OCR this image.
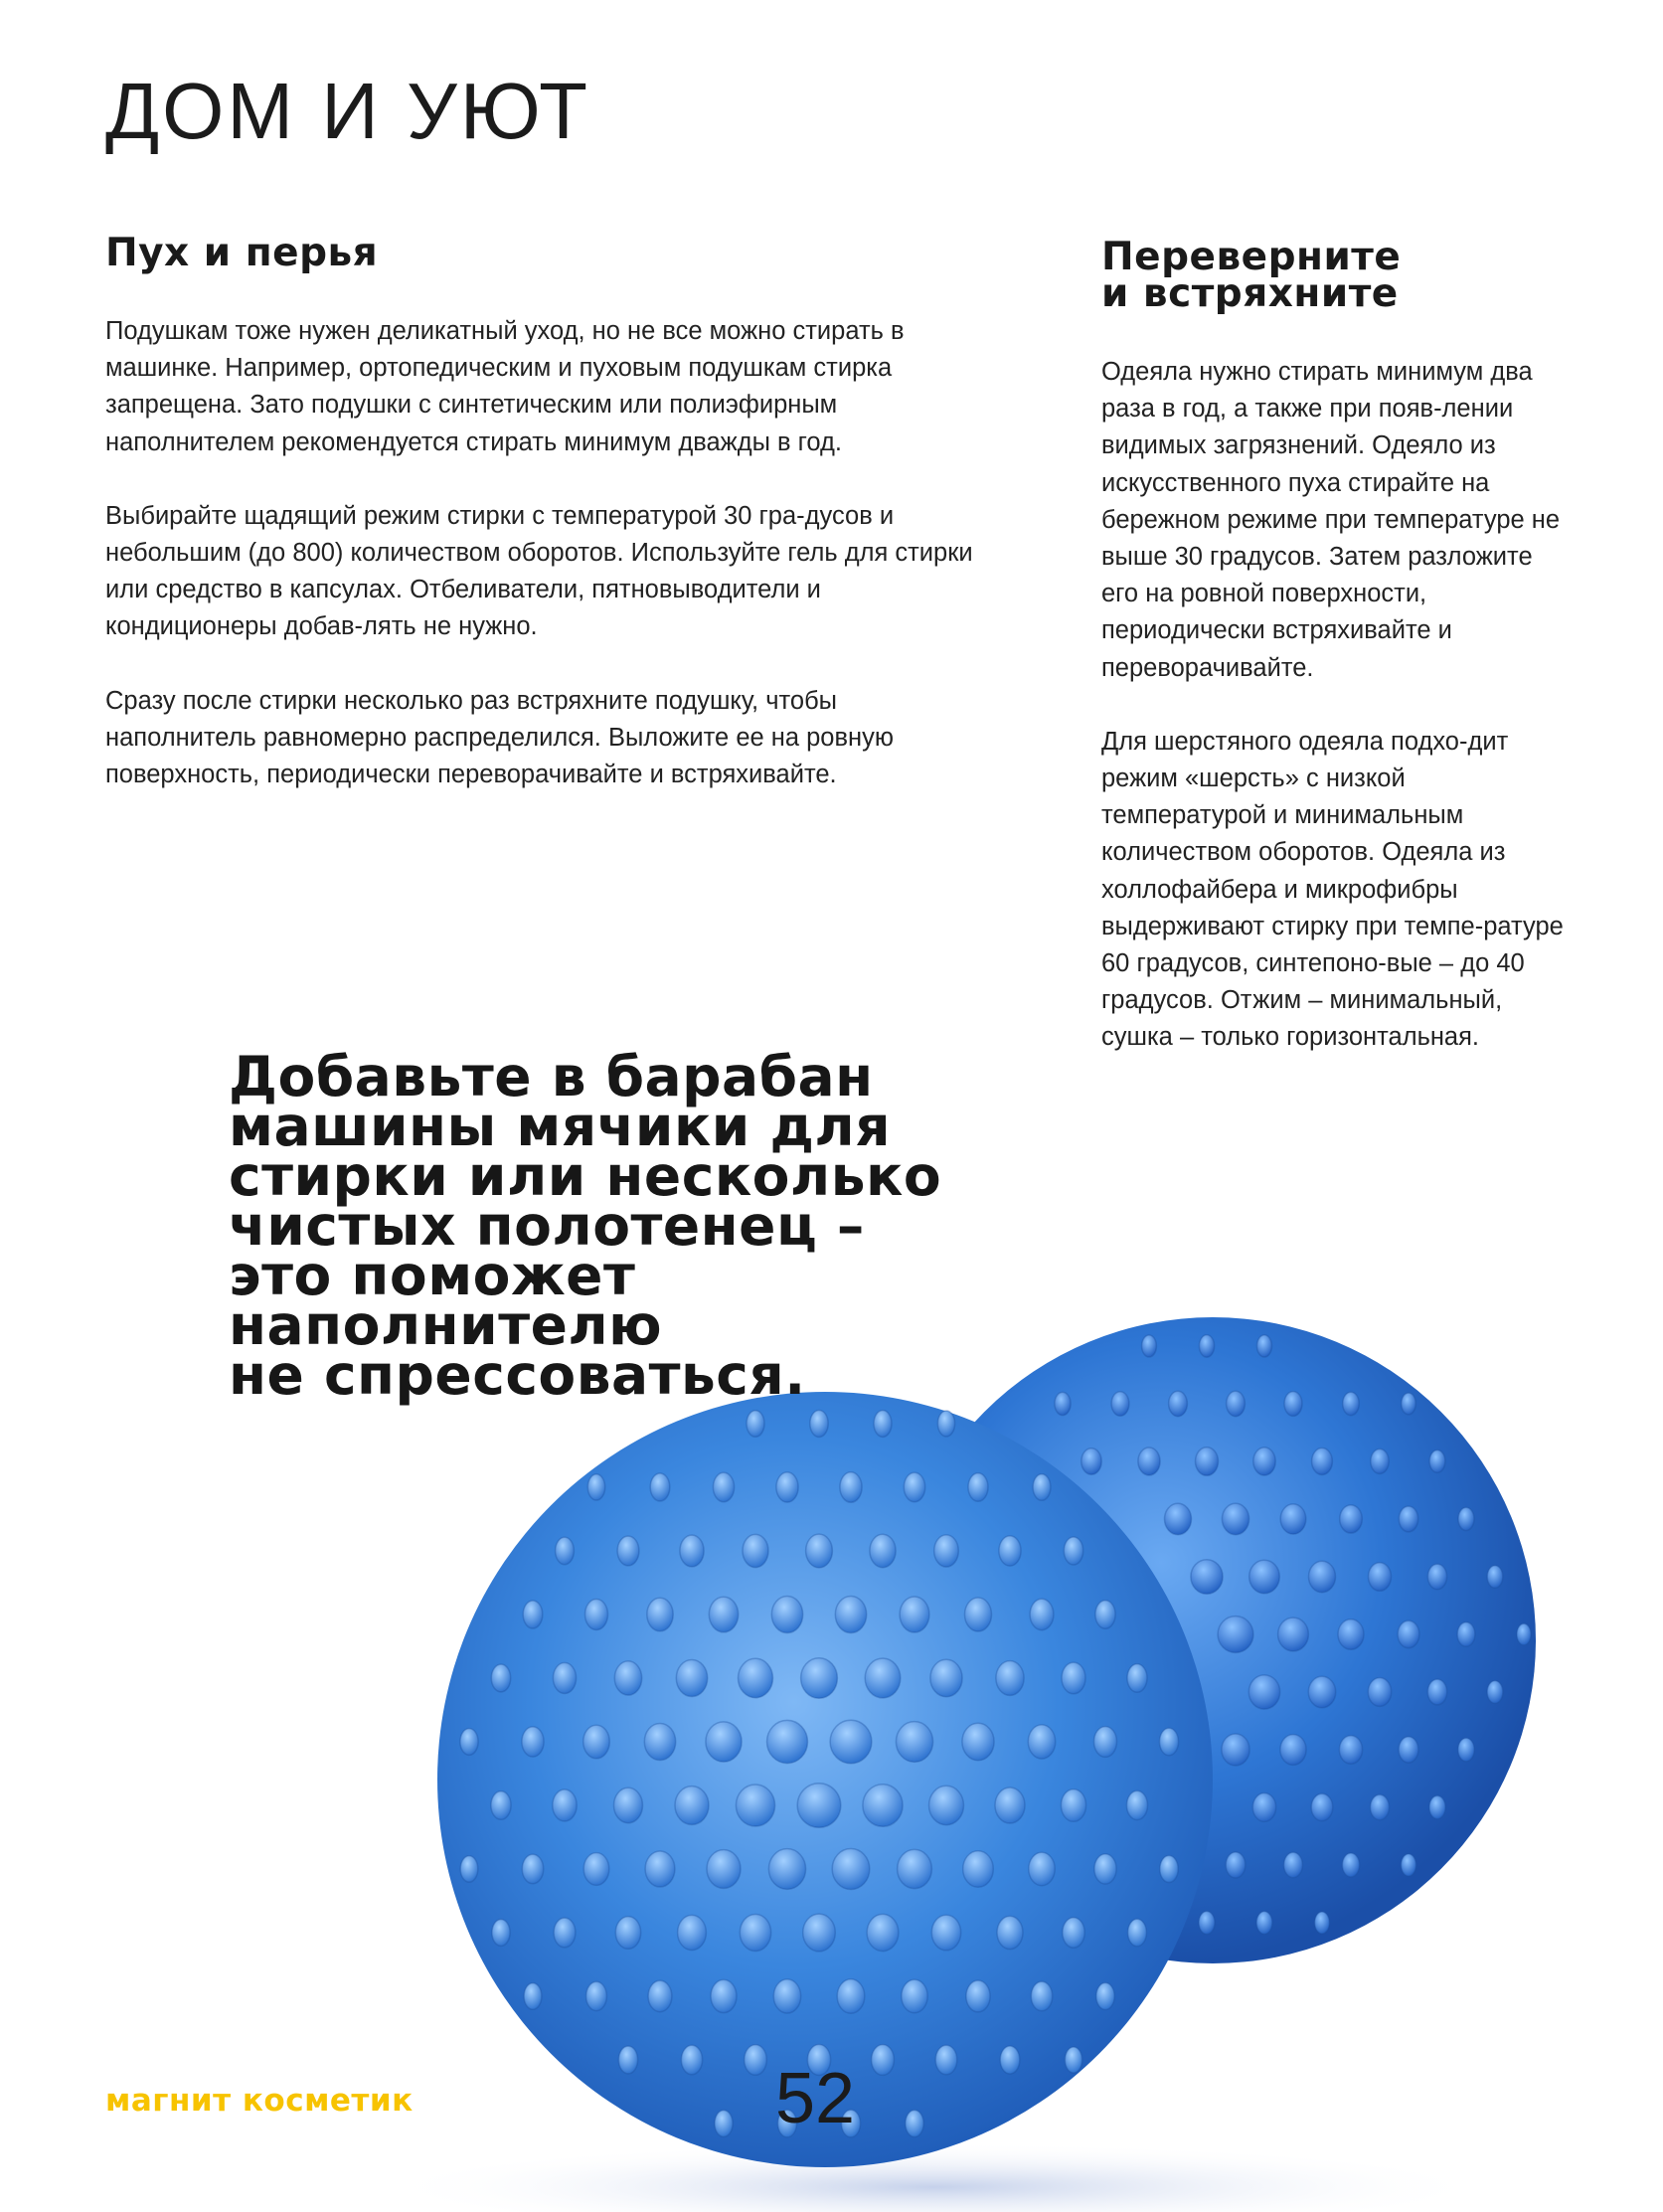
ДОМ И УЮТ
Пух и перья

Подушкам тоже нужен деликатный уход, но не все можно стирать в машинке. Например, ортопедическим и пуховым подушкам стирка запрещена. Зато подушки с синтетическим или полиэфирным наполнителем рекомендуется стирать минимум дважды в год.

Выбирайте щадящий режим стирки с температурой 30 гра-дусов и небольшим (до 800) количеством оборотов. Используйте гель для стирки или средство в капсулах. Отбеливатели, пятновыводители и кондиционеры добав-лять не нужно.

Сразу после стирки несколько раз встряхните подушку, чтобы наполнитель равномерно распределился. Выложите ее на ровную поверхность, периодически переворачивайте и встряхивайте.

Переверните
и встряхните

Одеяла нужно стирать минимум два раза в год, а также при появ-лении видимых загрязнений. Одеяло из искусственного пуха стирайте на бережном режиме при температуре не выше 30 градусов. Затем разложите его на ровной поверхности, периодически встряхивайте и переворачивайте.

Для шерстяного одеяла подхо-дит режим «шерсть» с низкой температурой и минимальным количеством оборотов. Одеяла из холлофайбера и микрофибры выдерживают стирку при темпе-ратуре 60 градусов, синтепоно-вые – до 40 градусов. Отжим – минимальный, сушка – только горизонтальная.

Добавьте в барабан
машины мячики для
стирки или несколько
чистых полотенец –
это поможет
наполнителю
не спрессоваться.
магнит косметик	52
